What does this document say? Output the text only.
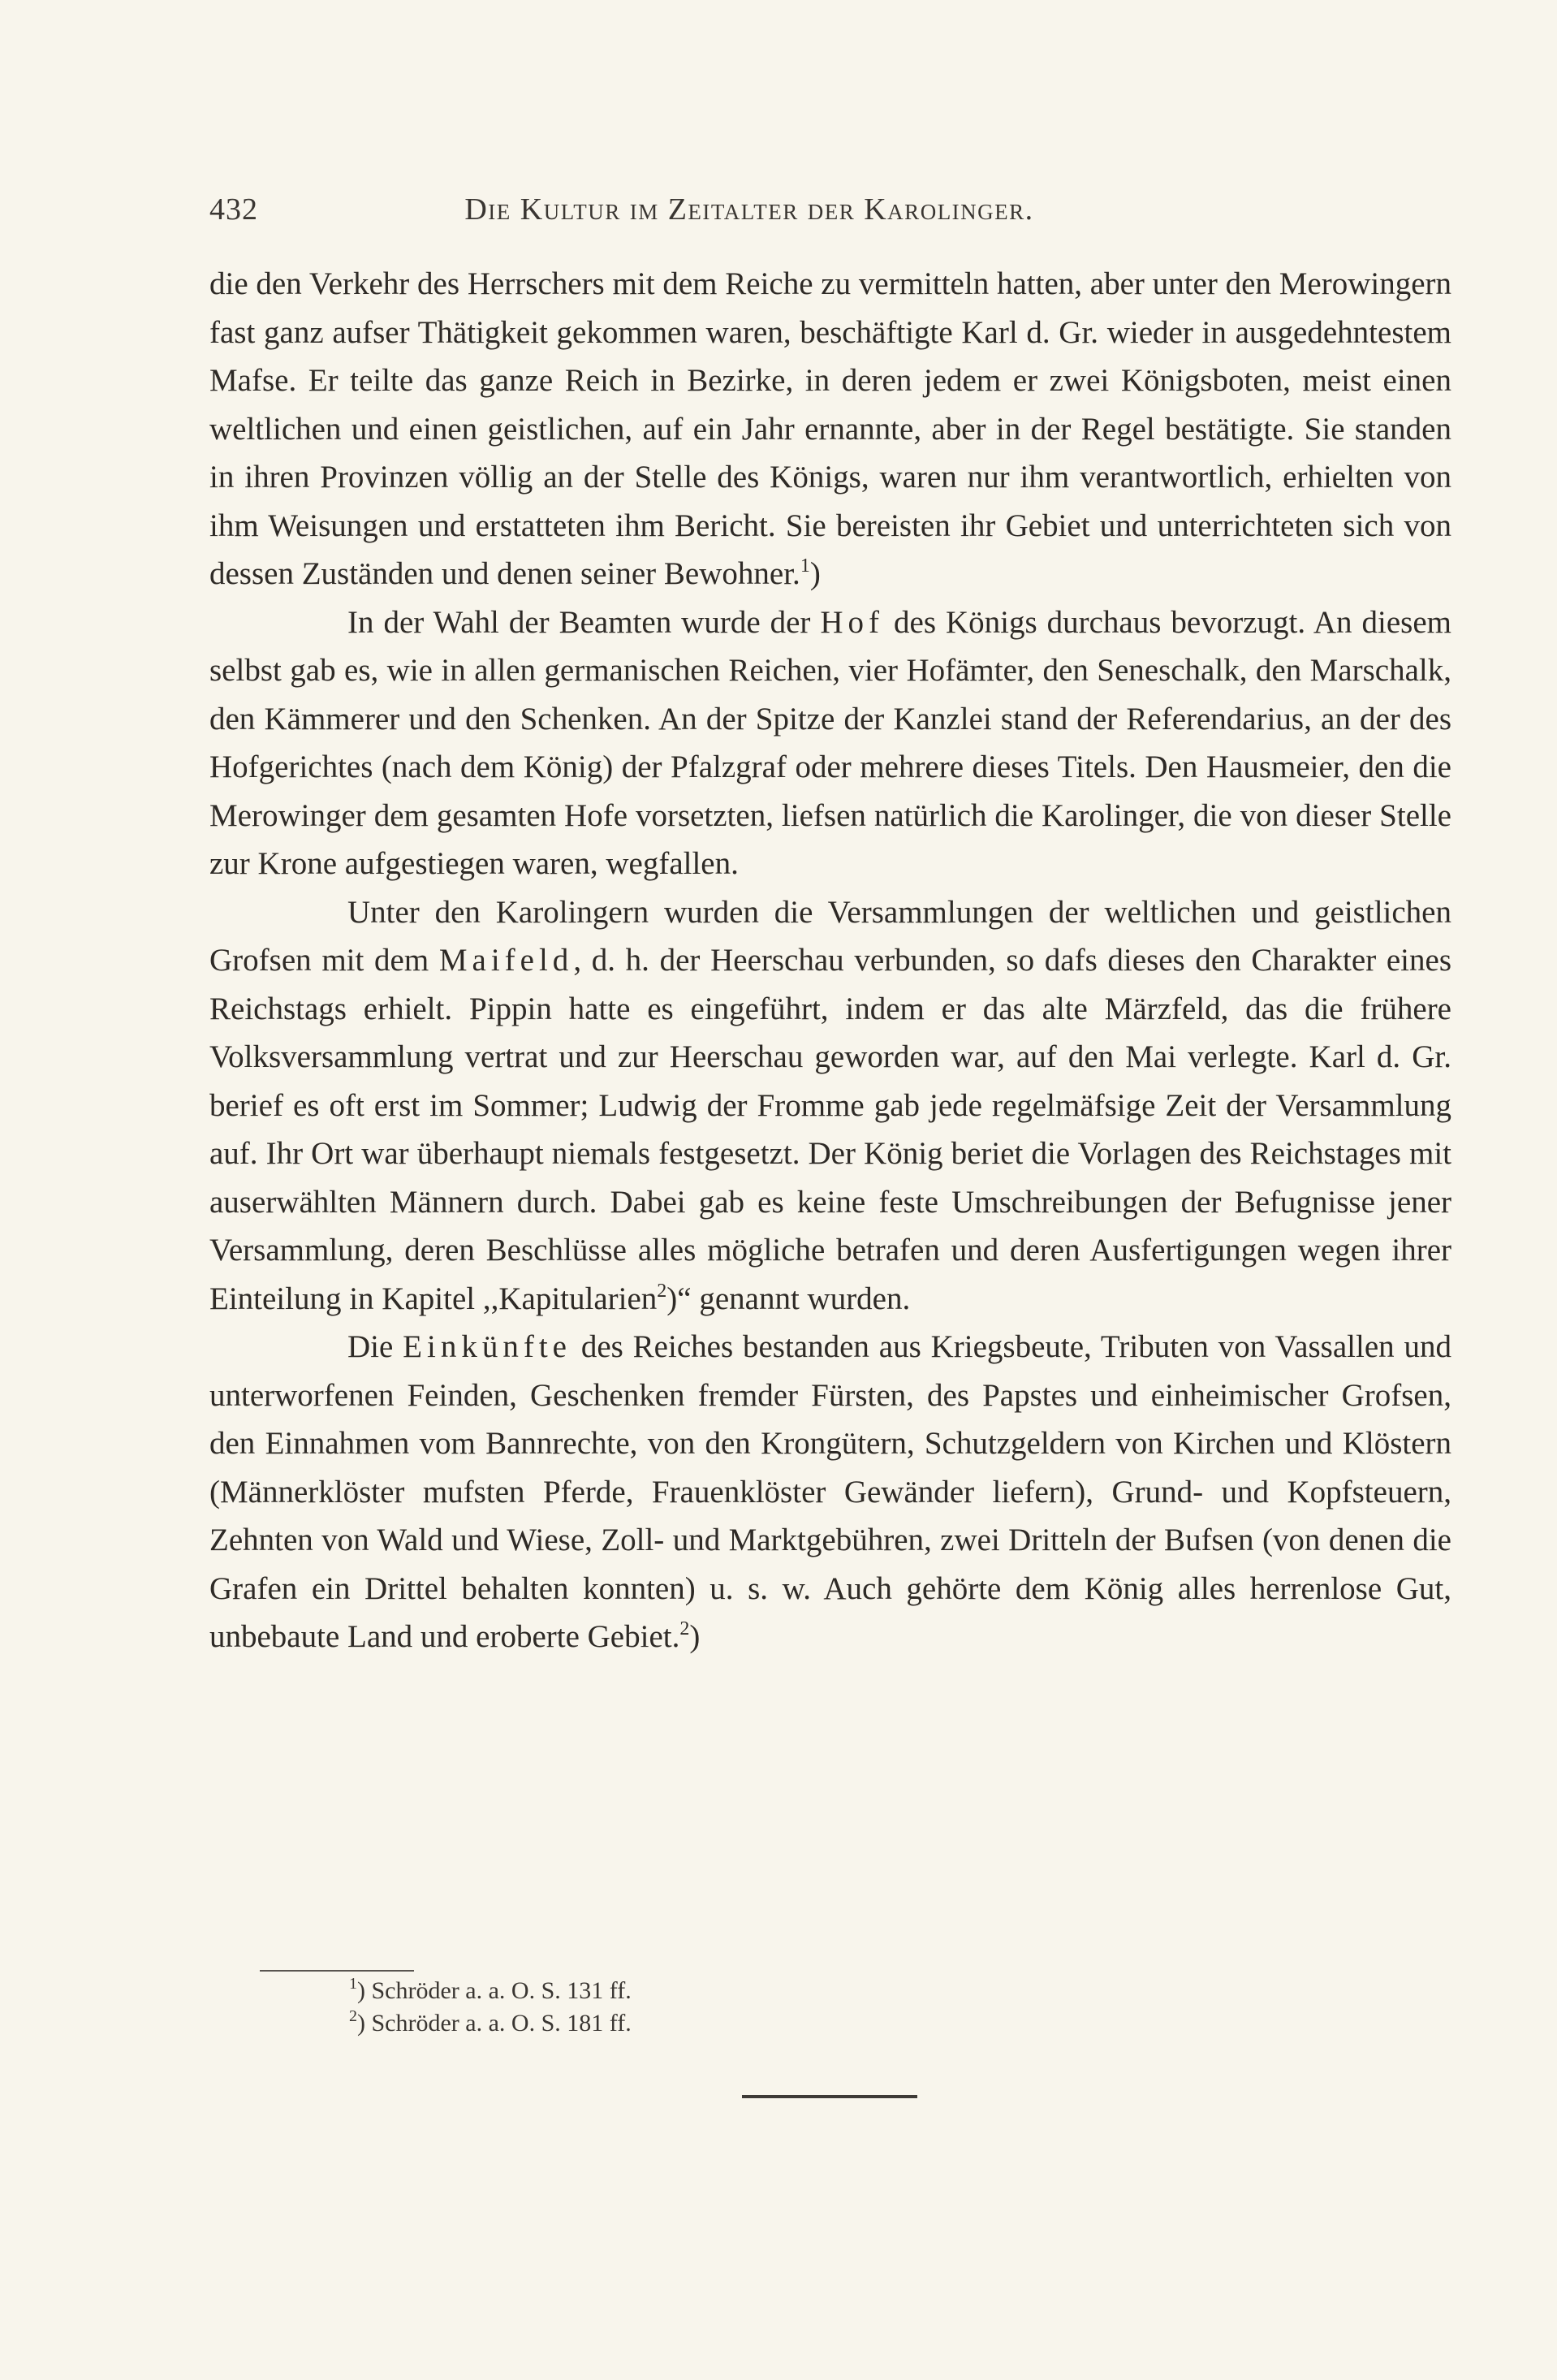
432	Die Kultur im Zeitalter der Karolinger.

die den Verkehr des Herrschers mit dem Reiche zu vermitteln hatten, aber unter den Merowingern fast ganz aufser Thätigkeit gekommen waren, beschäftigte Karl d. Gr. wieder in ausgedehntestem Mafse. Er teilte das ganze Reich in Bezirke, in deren jedem er zwei Königsboten, meist einen weltlichen und einen geistlichen, auf ein Jahr ernannte, aber in der Regel bestätigte. Sie standen in ihren Provinzen völlig an der Stelle des Königs, waren nur ihm verantwortlich, erhielten von ihm Weisungen und erstatteten ihm Bericht. Sie bereisten ihr Gebiet und unterrichteten sich von dessen Zuständen und denen seiner Bewohner.$^1$)

In der Wahl der Beamten wurde der Hof des Königs durchaus bevorzugt. An diesem selbst gab es, wie in allen germanischen Reichen, vier Hofämter, den Seneschalk, den Marschalk, den Kämmerer und den Schenken. An der Spitze der Kanzlei stand der Referendarius, an der des Hofgerichtes (nach dem König) der Pfalzgraf oder mehrere dieses Titels. Den Hausmeier, den die Merowinger dem gesamten Hofe vorsetzten, liefsen natürlich die Karolinger, die von dieser Stelle zur Krone aufgestiegen waren, wegfallen.

Unter den Karolingern wurden die Versammlungen der weltlichen und geistlichen Grofsen mit dem Maifeld, d. h. der Heerschau verbunden, so dafs dieses den Charakter eines Reichstags erhielt. Pippin hatte es eingeführt, indem er das alte Märzfeld, das die frühere Volksversammlung vertrat und zur Heerschau geworden war, auf den Mai verlegte. Karl d. Gr. berief es oft erst im Sommer; Ludwig der Fromme gab jede regelmäfsige Zeit der Versammlung auf. Ihr Ort war überhaupt niemals festgesetzt. Der König beriet die Vorlagen des Reichstages mit auserwählten Männern durch. Dabei gab es keine feste Umschreibungen der Befugnisse jener Versammlung, deren Beschlüsse alles mögliche betrafen und deren Ausfertigungen wegen ihrer Einteilung in Kapitel ,,Kapitularien$^2$)“ genannt wurden.

Die Einkünfte des Reiches bestanden aus Kriegsbeute, Tributen von Vassallen und unterworfenen Feinden, Geschenken fremder Fürsten, des Papstes und einheimischer Grofsen, den Einnahmen vom Bannrechte, von den Krongütern, Schutzgeldern von Kirchen und Klöstern (Männerklöster mufsten Pferde, Frauenklöster Gewänder liefern), Grund- und Kopfsteuern, Zehnten von Wald und Wiese, Zoll- und Marktgebühren, zwei Dritteln der Bufsen (von denen die Grafen ein Drittel behalten konnten) u. s. w. Auch gehörte dem König alles herrenlose Gut, unbebaute Land und eroberte Gebiet.$^2$)

$^1$) Schröder a. a. O. S. 131 ff.
$^2$) Schröder a. a. O. S. 181 ff.
